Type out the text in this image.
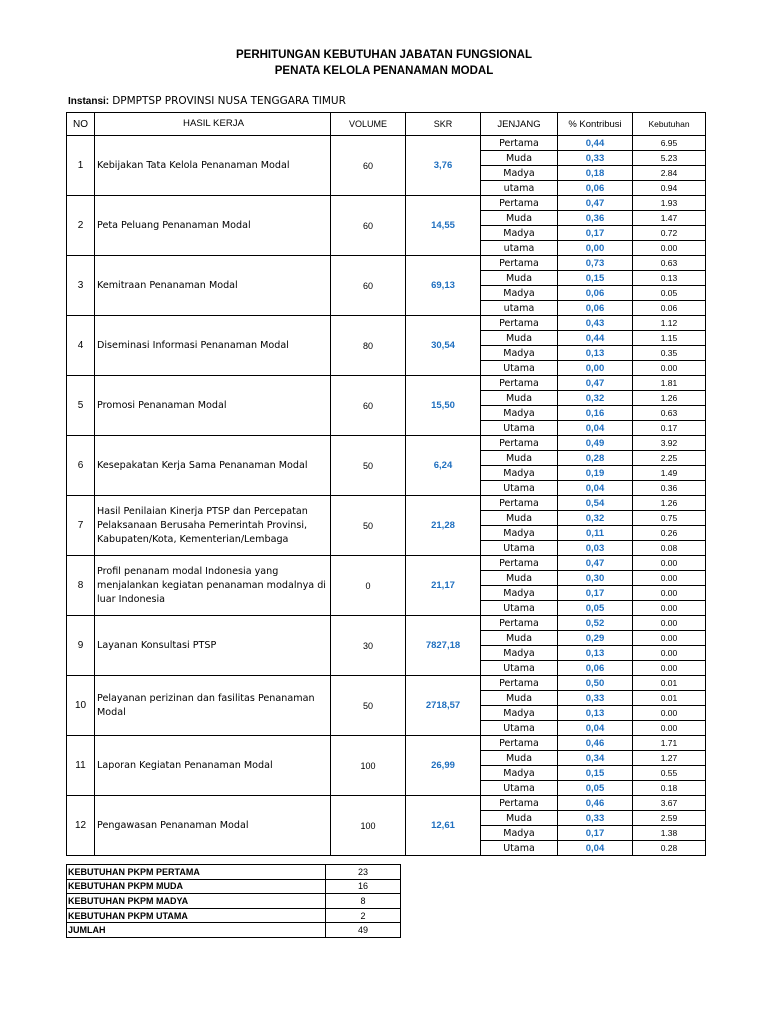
PERHITUNGAN KEBUTUHAN JABATAN FUNGSIONAL
PENATA KELOLA PENANAMAN MODAL
Instansi: DPMPTSP PROVINSI NUSA TENGGARA TIMUR
NO	HASIL KERJA	VOLUME	SKR	JENJANG	% Kontribusi	Kebutuhan
1	Kebijakan Tata Kelola Penanaman Modal	60	3,76	Pertama	0,44	6.95
				Muda	0,33	5.23
				Madya	0,18	2.84
				utama	0,06	0.94
2	Peta Peluang Penanaman Modal	60	14,55	Pertama	0,47	1.93
				Muda	0,36	1.47
				Madya	0,17	0.72
				utama	0,00	0.00
3	Kemitraan Penanaman Modal	60	69,13	Pertama	0,73	0.63
				Muda	0,15	0.13
				Madya	0,06	0.05
				utama	0,06	0.06
4	Diseminasi Informasi Penanaman Modal	80	30,54	Pertama	0,43	1.12
				Muda	0,44	1.15
				Madya	0,13	0.35
				Utama	0,00	0.00
5	Promosi Penanaman Modal	60	15,50	Pertama	0,47	1.81
				Muda	0,32	1.26
				Madya	0,16	0.63
				Utama	0,04	0.17
6	Kesepakatan Kerja Sama Penanaman Modal	50	6,24	Pertama	0,49	3.92
				Muda	0,28	2.25
				Madya	0,19	1.49
				Utama	0,04	0.36
7	Hasil Penilaian Kinerja PTSP dan Percepatan Pelaksanaan Berusaha Pemerintah Provinsi, Kabupaten/Kota, Kementerian/Lembaga	50	21,28	Pertama	0,54	1.26
				Muda	0,32	0.75
				Madya	0,11	0.26
				Utama	0,03	0.08
8	Profil penanam modal Indonesia yang menjalankan kegiatan penanaman modalnya di luar Indonesia	0	21,17	Pertama	0,47	0.00
				Muda	0,30	0.00
				Madya	0,17	0.00
				Utama	0,05	0.00
9	Layanan Konsultasi PTSP	30	7827,18	Pertama	0,52	0.00
				Muda	0,29	0.00
				Madya	0,13	0.00
				Utama	0,06	0.00
10	Pelayanan perizinan dan fasilitas Penanaman Modal	50	2718,57	Pertama	0,50	0.01
				Muda	0,33	0.01
				Madya	0,13	0.00
				Utama	0,04	0.00
11	Laporan Kegiatan Penanaman Modal	100	26,99	Pertama	0,46	1.71
				Muda	0,34	1.27
				Madya	0,15	0.55
				Utama	0,05	0.18
12	Pengawasan Penanaman Modal	100	12,61	Pertama	0,46	3.67
				Muda	0,33	2.59
				Madya	0,17	1.38
				Utama	0,04	0.28
KEBUTUHAN PKPM PERTAMA	23
KEBUTUHAN PKPM MUDA	16
KEBUTUHAN PKPM MADYA	8
KEBUTUHAN PKPM UTAMA	2
JUMLAH	49
